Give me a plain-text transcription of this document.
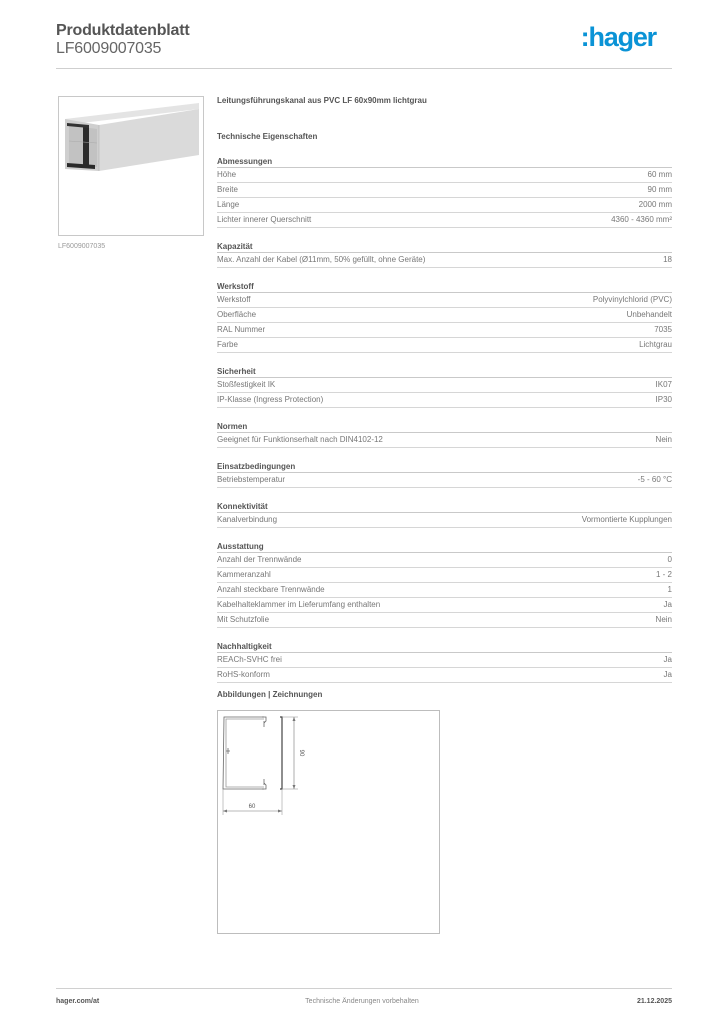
Produktdatenblatt
LF6009007035	:hager
LF6009007035
Leitungsführungskanal aus PVC LF 60x90mm lichtgrau
Technische Eigenschaften
Abmessungen
Höhe	60 mm
Breite	90 mm
Länge	2000 mm
Lichter innerer Querschnitt	4360 - 4360 mm²
Kapazität
Max. Anzahl der Kabel (Ø11mm, 50% gefüllt, ohne Geräte)	18
Werkstoff
Werkstoff	Polyvinylchlorid (PVC)
Oberfläche	Unbehandelt
RAL Nummer	7035
Farbe	Lichtgrau
Sicherheit
Stoßfestigkeit IK	IK07
IP-Klasse (Ingress Protection)	IP30
Normen
Geeignet für Funktionserhalt nach DIN4102-12	Nein
Einsatzbedingungen
Betriebstemperatur	-5 - 60 °C
Konnektivität
Kanalverbindung	Vormontierte Kupplungen
Ausstattung
Anzahl der Trennwände	0
Kammeranzahl	1 - 2
Anzahl steckbare Trennwände	1
Kabelhalteklammer im Lieferumfang enthalten	Ja
Mit Schutzfolie	Nein
Nachhaltigkeit
REACh-SVHC frei	Ja
RoHS-konform	Ja
Abbildungen | Zeichnungen
90
60
hager.com/at	Technische Änderungen vorbehalten	21.12.2025
